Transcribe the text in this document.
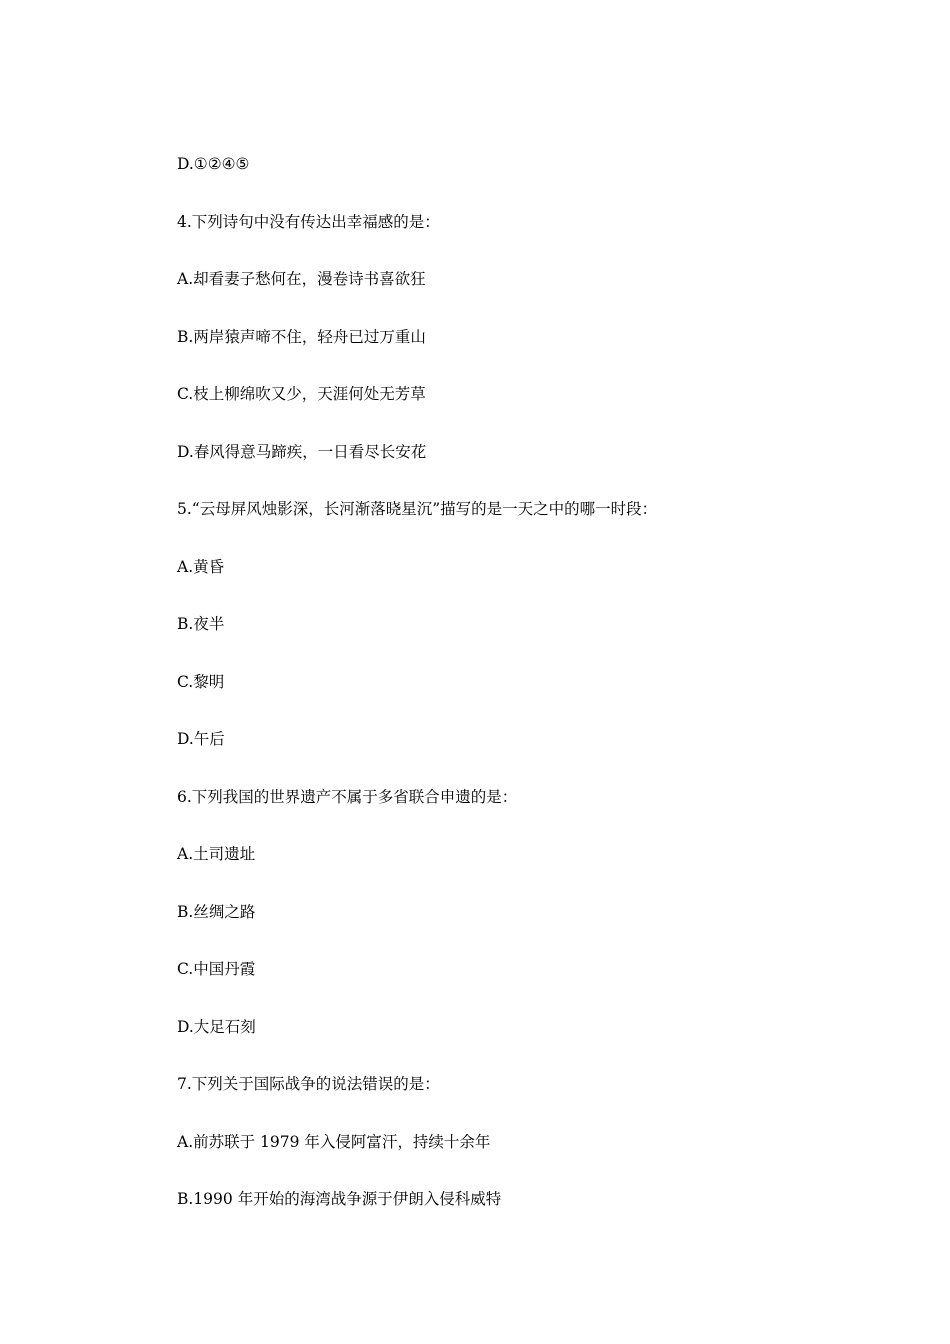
D.①②④⑤
4.下列诗句中没有传达出幸福感的是：
A.却看妻子愁何在，漫卷诗书喜欲狂
B.两岸猿声啼不住，轻舟已过万重山
C.枝上柳绵吹又少，天涯何处无芳草
D.春风得意马蹄疾，一日看尽长安花
5.“云母屏风烛影深，长河渐落晓星沉”描写的是一天之中的哪一时段：
A.黄昏
B.夜半
C.黎明
D.午后
6.下列我国的世界遗产不属于多省联合申遗的是：
A.土司遗址
B.丝绸之路
C.中国丹霞
D.大足石刻
7.下列关于国际战争的说法错误的是：
A.前苏联于 1979 年入侵阿富汗，持续十余年
B.1990 年开始的海湾战争源于伊朗入侵科威特
